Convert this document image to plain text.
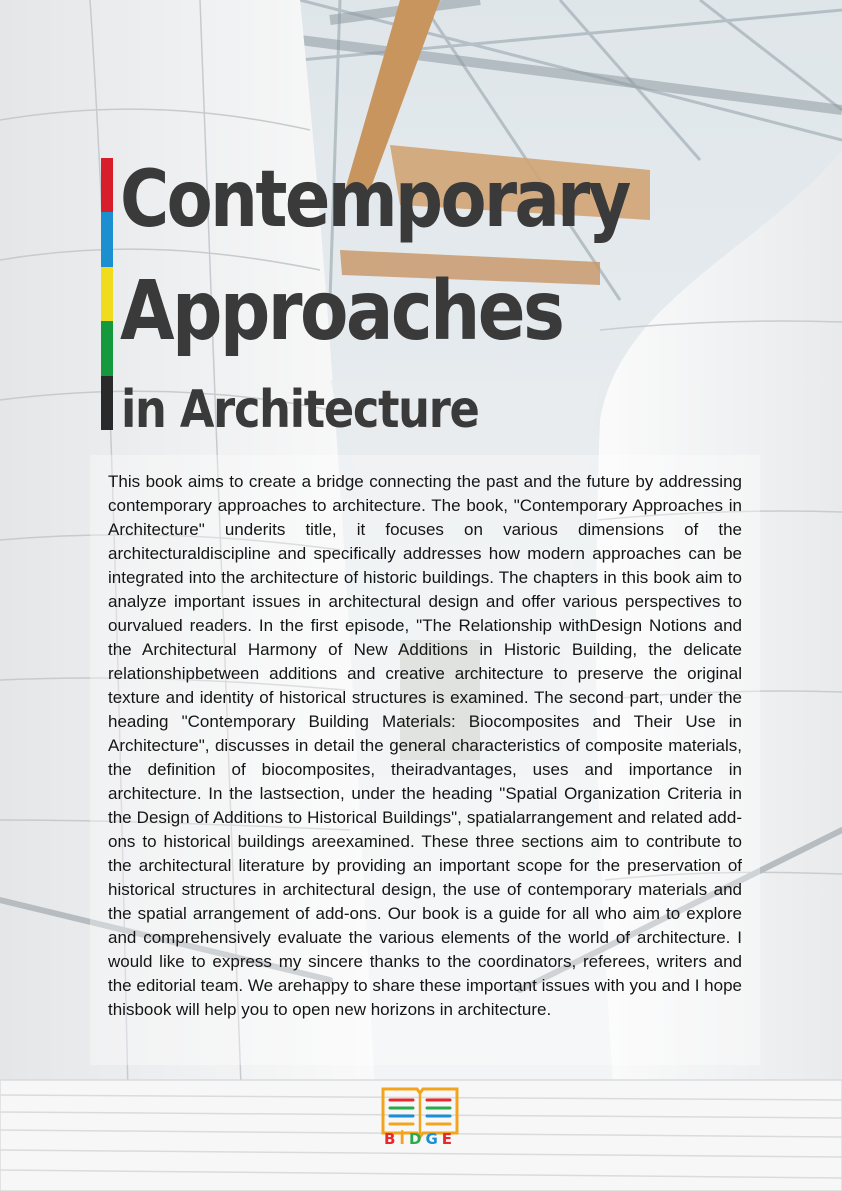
Contemporary
Approaches
in Architecture

This book aims to create a bridge connecting the past and the future by addressing contemporary approaches to architecture. The book, "Contemporary Approaches in Architecture" underits title, it focuses on various dimensions of the architecturaldiscipline and specifically addresses how modern approaches can be integrated into the architecture of historic buildings. The chapters in this book aim to analyze important issues in architectural design and offer various perspectives to ourvalued readers. In the first episode, "The Relationship withDesign Notions and the Architectural Harmony of New Additions in Historic Building, the delicate relationshipbetween additions and creative architecture to preserve the original texture and identity of historical structures is examined. The second part, under the heading "Contemporary Building Materials: Biocomposites and Their Use in Architecture", discusses in detail the general characteristics of composite materials, the definition of biocomposites, theiradvantages, uses and importance in architecture. In the lastsection, under the heading "Spatial Organization Criteria in the Design of Additions to Historical Buildings", spatialarrangement and related add-ons to historical buildings areexamined. These three sections aim to contribute to the architectural literature by providing an important scope for the preservation of historical structures in architectural design, the use of contemporary materials and the spatial arrangement of add-ons. Our book is a guide for all who aim to explore and comprehensively evaluate the various elements of the world of architecture. I would like to express my sincere thanks to the coordinators, referees, writers and the editorial team. We arehappy to share these important issues with you and I hope thisbook will help you to open new horizons in architecture.

BİDGE
